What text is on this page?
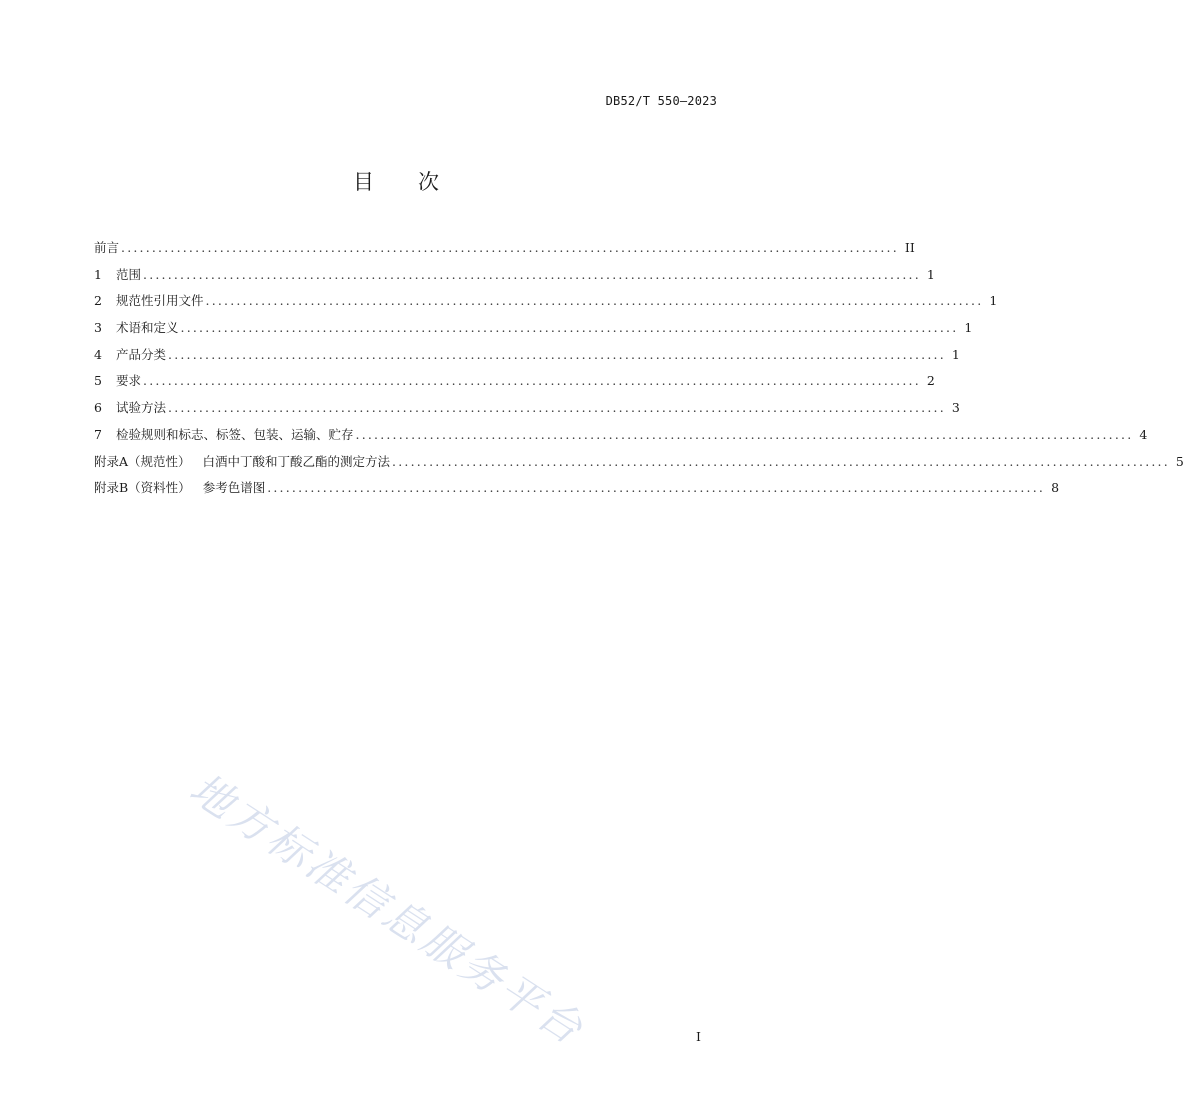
DB52/T 550—2023
目 次
前言 .............................................................................................................................. II
1	范围 .............................................................................................................................. 1
2	规范性引用文件 .............................................................................................................................. 1
3	术语和定义 .............................................................................................................................. 1
4	产品分类 .............................................................................................................................. 1
5	要求 .............................................................................................................................. 2
6	试验方法 .............................................................................................................................. 3
7	检验规则和标志、标签、包装、运输、贮存 .............................................................................................................................. 4
附录A（规范性） 白酒中丁酸和丁酸乙酯的测定方法 .............................................................................................................................. 5
附录B（资料性） 参考色谱图 .............................................................................................................................. 8
地方标准信息服务平台	I
